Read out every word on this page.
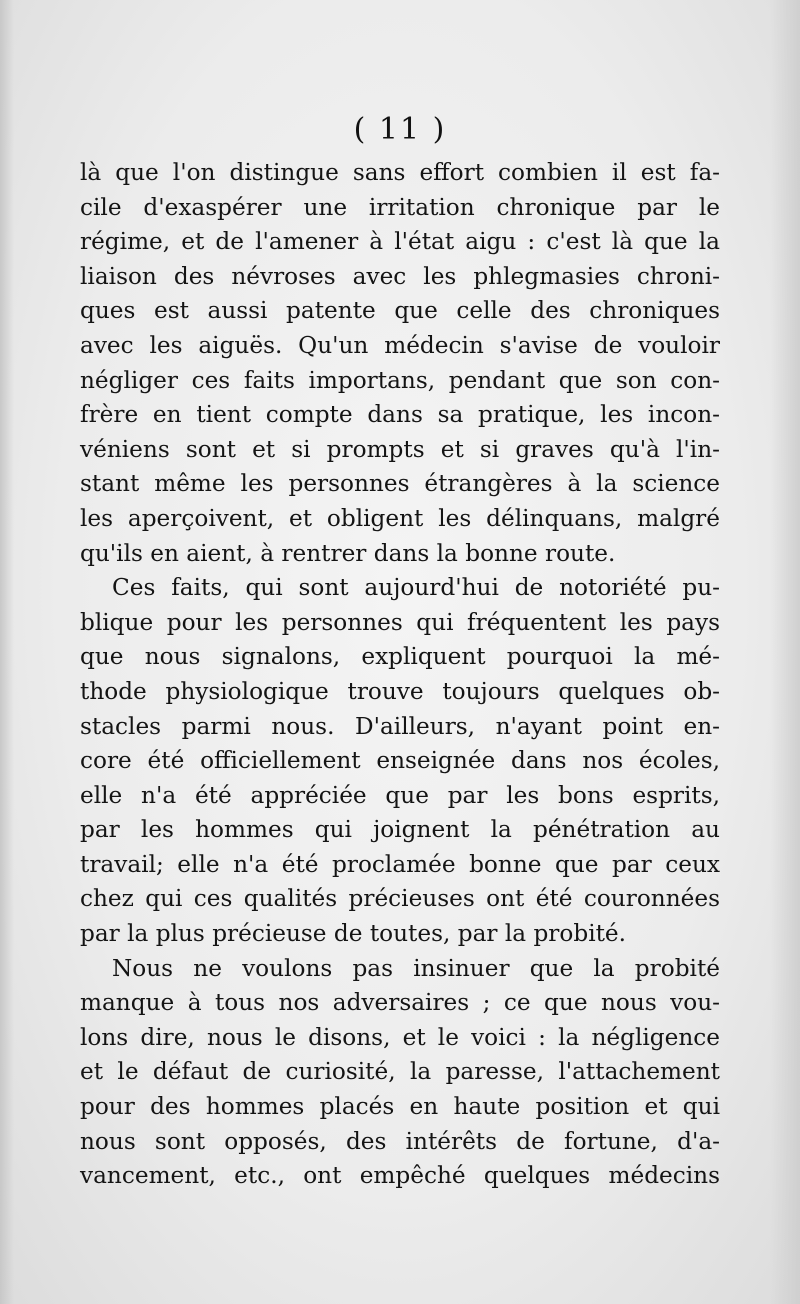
( 11 )
là que l'on distingue sans effort combien il est fa-
cile d'exaspérer une irritation chronique par le
régime, et de l'amener à l'état aigu : c'est là que la
liaison des névroses avec les phlegmasies chroni-
ques est aussi patente que celle des chroniques
avec les aiguës. Qu'un médecin s'avise de vouloir
négliger ces faits importans, pendant que son con-
frère en tient compte dans sa pratique, les incon-
véniens sont et si prompts et si graves qu'à l'in-
stant même les personnes étrangères à la science
les aperçoivent, et obligent les délinquans, malgré
qu'ils en aient, à rentrer dans la bonne route.
Ces faits, qui sont aujourd'hui de notoriété pu-
blique pour les personnes qui fréquentent les pays
que nous signalons, expliquent pourquoi la mé-
thode physiologique trouve toujours quelques ob-
stacles parmi nous. D'ailleurs, n'ayant point en-
core été officiellement enseignée dans nos écoles,
elle n'a été appréciée que par les bons esprits,
par les hommes qui joignent la pénétration au
travail; elle n'a été proclamée bonne que par ceux
chez qui ces qualités précieuses ont été couronnées
par la plus précieuse de toutes, par la probité.
Nous ne voulons pas insinuer que la probité
manque à tous nos adversaires ; ce que nous vou-
lons dire, nous le disons, et le voici : la négligence
et le défaut de curiosité, la paresse, l'attachement
pour des hommes placés en haute position et qui
nous sont opposés, des intérêts de fortune, d'a-
vancement, etc., ont empêché quelques médecins
